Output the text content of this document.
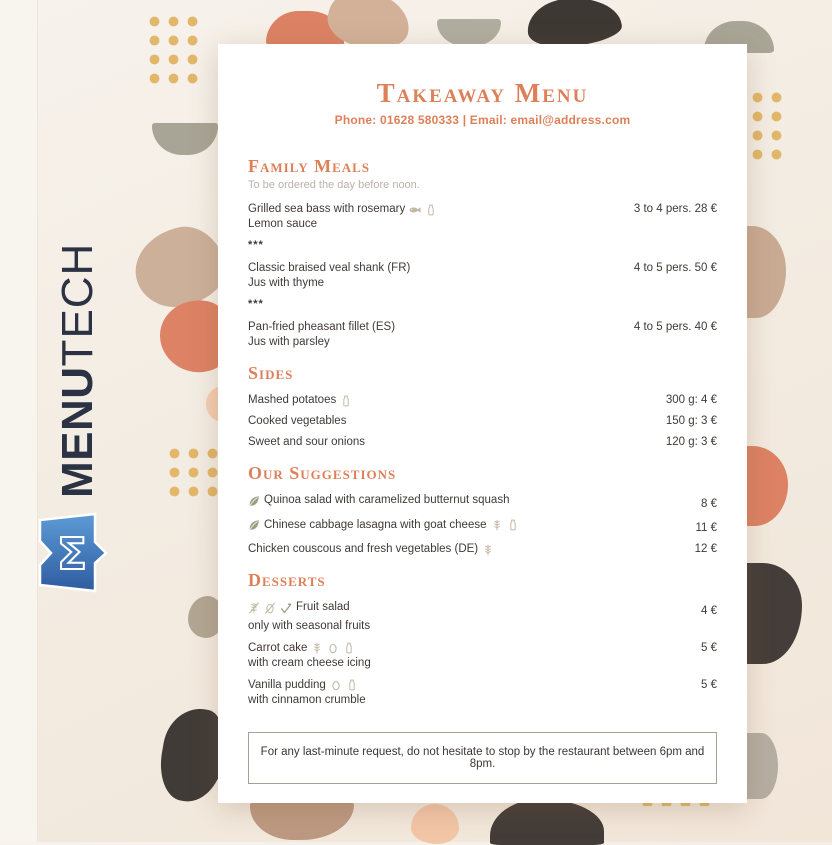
MENUTECH
Σ
Takeaway Menu
Phone: 01628 580333 | Email: email@address.com
Family Meals
To be ordered the day before noon.
Grilled sea bass with rosemary	3 to 4 pers. 28 €
Lemon sauce
***
Classic braised veal shank (FR)	4 to 5 pers. 50 €
Jus with thyme
***
Pan-fried pheasant fillet (ES)	4 to 5 pers. 40 €
Jus with parsley
Sides
Mashed potatoes	300 g: 4 €
Cooked vegetables	150 g: 3 €
Sweet and sour onions	120 g: 3 €
Our Suggestions
Quinoa salad with caramelized butternut squash	8 €
Chinese cabbage lasagna with goat cheese	11 €
Chicken couscous and fresh vegetables (DE)	12 €
Desserts
Fruit salad	4 €
only with seasonal fruits
Carrot cake	5 €
with cream cheese icing
Vanilla pudding	5 €
with cinnamon crumble
For any last-minute request, do not hesitate to stop by the restaurant between 6pm and 8pm.
